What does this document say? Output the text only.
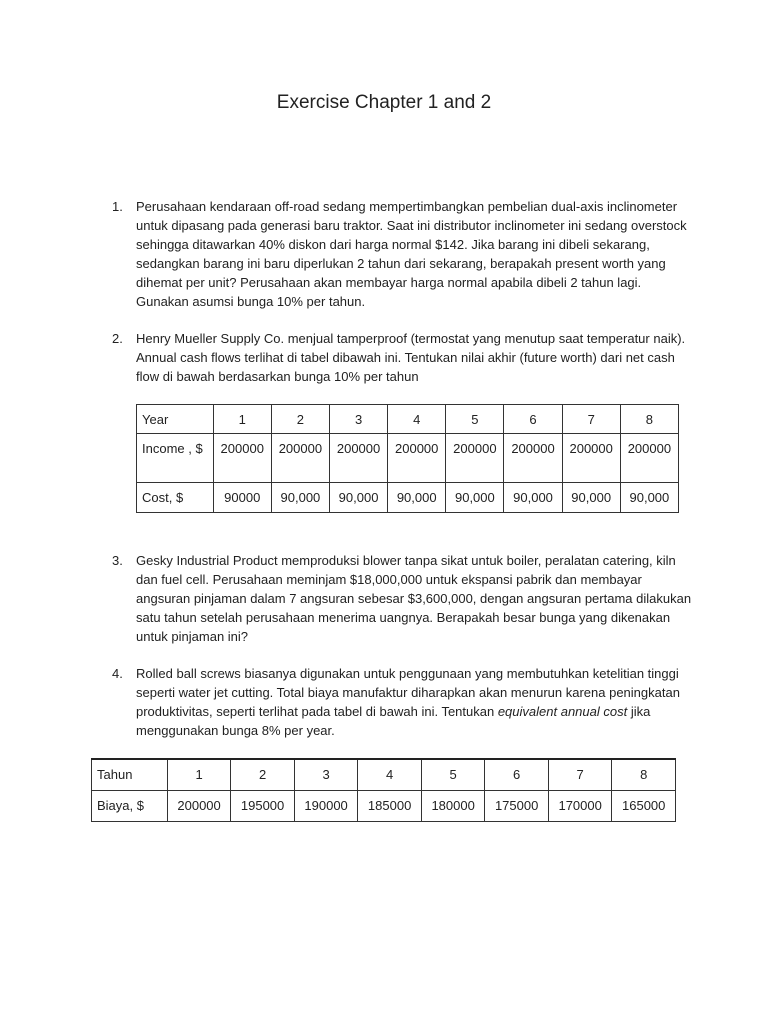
Exercise Chapter 1 and 2
1. Perusahaan kendaraan off-road sedang mempertimbangkan pembelian dual-axis inclinometer untuk dipasang pada generasi baru traktor. Saat ini distributor inclinometer ini sedang overstock sehingga ditawarkan 40% diskon dari harga normal $142. Jika barang ini dibeli sekarang, sedangkan barang ini baru diperlukan 2 tahun dari sekarang, berapakah present worth yang dihemat per unit? Perusahaan akan membayar harga normal apabila dibeli 2 tahun lagi. Gunakan asumsi bunga 10% per tahun.
2. Henry Mueller Supply Co. menjual tamperproof (termostat yang menutup saat temperatur naik). Annual cash flows terlihat di tabel dibawah ini. Tentukan nilai akhir (future worth) dari net cash flow di bawah berdasarkan bunga 10% per tahun
Year	1	2	3	4	5	6	7	8
Income , $	200000	200000	200000	200000	200000	200000	200000	200000
Cost, $	90000	90,000	90,000	90,000	90,000	90,000	90,000	90,000
3. Gesky Industrial Product memproduksi blower tanpa sikat untuk boiler, peralatan catering, kiln dan fuel cell. Perusahaan meminjam $18,000,000 untuk ekspansi pabrik dan membayar angsuran pinjaman dalam 7 angsuran sebesar $3,600,000, dengan angsuran pertama dilakukan satu tahun setelah perusahaan menerima uangnya. Berapakah besar bunga yang dikenakan untuk pinjaman ini?
4. Rolled ball screws biasanya digunakan untuk penggunaan yang membutuhkan ketelitian tinggi seperti water jet cutting. Total biaya manufaktur diharapkan akan menurun karena peningkatan produktivitas, seperti terlihat pada tabel di bawah ini. Tentukan equivalent annual cost jika menggunakan bunga 8% per year.
Tahun	1	2	3	4	5	6	7	8
Biaya, $	200000	195000	190000	185000	180000	175000	170000	165000
